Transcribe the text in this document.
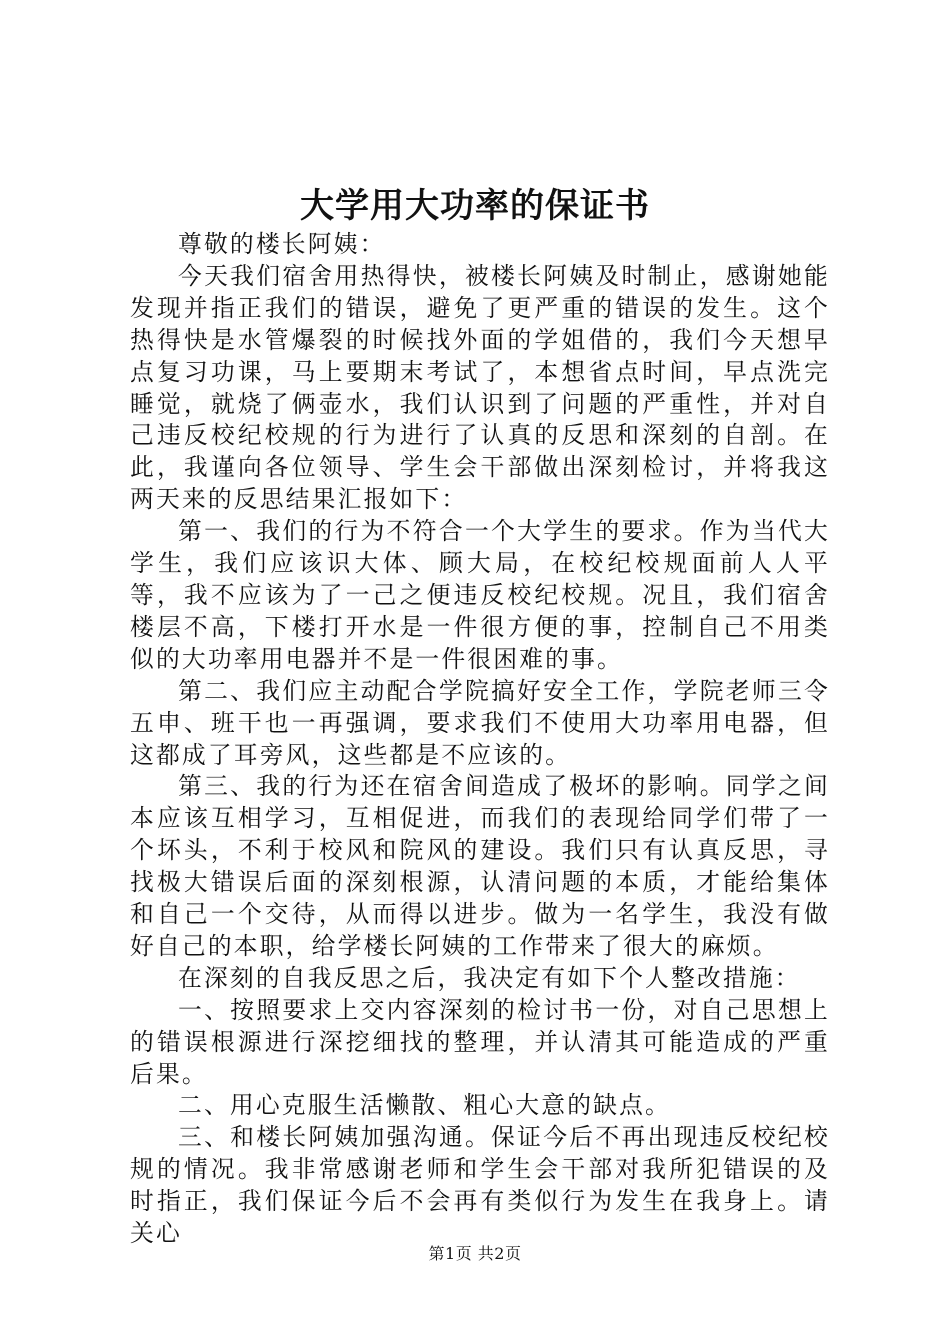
大学用大功率的保证书

尊敬的楼长阿姨：

今天我们宿舍用热得快，被楼长阿姨及时制止，感谢她能发现并指正我们的错误，避免了更严重的错误的发生。这个热得快是水管爆裂的时候找外面的学姐借的，我们今天想早点复习功课，马上要期末考试了，本想省点时间，早点洗完睡觉，就烧了俩壶水，我们认识到了问题的严重性，并对自己违反校纪校规的行为进行了认真的反思和深刻的自剖。在此，我谨向各位领导、学生会干部做出深刻检讨，并将我这两天来的反思结果汇报如下：

第一、我们的行为不符合一个大学生的要求。作为当代大学生，我们应该识大体、顾大局，在校纪校规面前人人平等，我不应该为了一己之便违反校纪校规。况且，我们宿舍楼层不高，下楼打开水是一件很方便的事，控制自己不用类似的大功率用电器并不是一件很困难的事。

第二、我们应主动配合学院搞好安全工作，学院老师三令五申、班干也一再强调，要求我们不使用大功率用电器，但这都成了耳旁风，这些都是不应该的。

第三、我的行为还在宿舍间造成了极坏的影响。同学之间本应该互相学习，互相促进，而我们的表现给同学们带了一个坏头，不利于校风和院风的建设。我们只有认真反思，寻找极大错误后面的深刻根源，认清问题的本质，才能给集体和自己一个交待，从而得以进步。做为一名学生，我没有做好自己的本职，给学楼长阿姨的工作带来了很大的麻烦。

在深刻的自我反思之后，我决定有如下个人整改措施：

一、按照要求上交内容深刻的检讨书一份，对自己思想上的错误根源进行深挖细找的整理，并认清其可能造成的严重后果。

二、用心克服生活懒散、粗心大意的缺点。

三、和楼长阿姨加强沟通。保证今后不再出现违反校纪校规的情况。我非常感谢老师和学生会干部对我所犯错误的及时指正，我们保证今后不会再有类似行为发生在我身上。请关心

第1页 共2页
